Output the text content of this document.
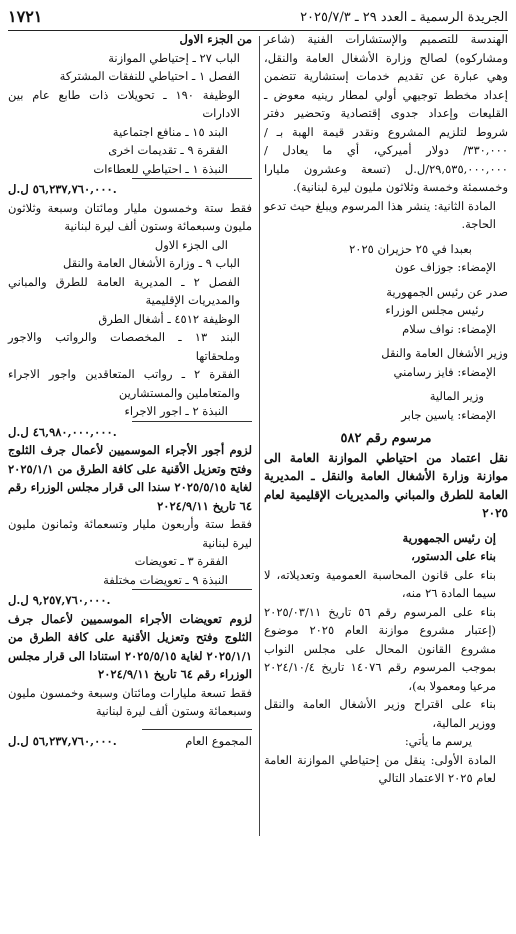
الجريدة الرسمية ـ العدد ٢٩ ـ ٢٠٢٥/٧/٣
١٧٢١

الهندسة للتصميم والإستشارات الفنية (شاعر ومشاركوه) لصالح وزارة الأشغال العامة والنقل، وهي عبارة عن تقديم خدمات إستشارية تتضمن إعداد مخطط توجيهي أولي لمطار رينيه معوض ـ القليعات وإعداد جدوى إقتصادية وتحضير دفتر شروط لتلزيم المشروع ونقدر قيمة الهبة بـ /٣٣٠,٠٠٠/ دولار أميركي، أي ما يعادل /٢٩,٥٣٥,٠٠٠,٠٠٠/ل.ل (تسعة وعشرون مليارا وخمسمئة وخمسة وثلاثون مليون ليرة لبنانية).

المادة الثانية: ينشر هذا المرسوم ويبلغ حيث تدعو الحاجة.

بعبدا في ٢٥ حزيران ٢٠٢٥

الإمضاء: جوزاف عون

صدر عن رئيس الجمهورية

رئيس مجلس الوزراء

الإمضاء: نواف سلام

وزير الأشغال العامة والنقل

الإمضاء: فايز رسامني

وزير المالية

الإمضاء: ياسين جابر

مرسوم رقم ٥٨٢

نقل اعتماد من احتياطي الموازنة العامة الى موازنة وزارة الأشغال العامة والنقل ـ المديرية العامة للطرق والمباني والمديريات الإقليمية لعام ٢٠٢٥

إن رئيس الجمهورية

بناء على الدستور،

بناء على قانون المحاسبة العمومية وتعديلاته، لا سيما المادة ٢٦ منه،

بناء على المرسوم رقم ٥٦ تاريخ ٢٠٢٥/٠٣/١١ (إعتبار مشروع موازنة العام ٢٠٢٥ موضوع مشروع القانون المحال على مجلس النواب بموجب المرسوم رقم ١٤٠٧٦ تاريخ ٢٠٢٤/١٠/٤ مرعيا ومعمولا به)،

بناء على اقتراح وزير الأشغال العامة والنقل ووزير المالية،

يرسم ما يأتي:

المادة الأولى: ينقل من إحتياطي الموازنة العامة لعام ٢٠٢٥ الاعتماد التالي

من الجزء الاول

الباب ٢٧ ـ إحتياطي الموازنة

الفصل ١ ـ احتياطي للنفقات المشتركة

الوظيفة ١٩٠ ـ تحويلات ذات طابع عام بين الادارات

البند ١٥ ـ منافع اجتماعية

الفقرة ٩ ـ تقديمات اخرى

النبذة ١ ـ احتياطي للعطاءات

٥٦,٢٣٧,٧٦٠,٠٠٠ ل.ل.

فقط ستة وخمسون مليار ومائتان وسبعة وثلاثون مليون وسبعمائة وستون ألف ليرة لبنانية

الى الجزء الاول

الباب ٩ ـ وزارة الأشغال العامة والنقل

الفصل ٢ ـ المديرية العامة للطرق والمباني والمديريات الإقليمية

الوظيفة ٤٥١٢ ـ أشغال الطرق

البند ١٣ ـ المخصصات والرواتب والاجور وملحقاتها

الفقرة ٢ ـ رواتب المتعاقدين واجور الاجراء والمتعاملين والمستشارين

النبذة ٢ ـ اجور الاجراء

٤٦,٩٨٠,٠٠٠,٠٠٠ ل.ل.

لزوم أجور الأجراء الموسميين لأعمال جرف الثلوج وفتح وتعزيل الأقنية على كافة الطرق من ٢٠٢٥/١/١ لغاية ٢٠٢٥/٥/١٥ سندا الى قرار مجلس الوزراء رقم ٦٤ تاريخ ٢٠٢٤/٩/١١

فقط ستة وأربعون مليار وتسعمائة وثمانون مليون ليرة لبنانية

الفقرة ٣ ـ تعويضات

النبذة ٩ ـ تعويضات مختلفة

٩,٢٥٧,٧٦٠,٠٠٠ ل.ل.

لزوم تعويضات الأجراء الموسميين لأعمال جرف الثلوج وفتح وتعزيل الأقنية على كافة الطرق من ٢٠٢٥/١/١ لغاية ٢٠٢٥/٥/١٥ استنادا الى قرار مجلس الوزراء رقم ٦٤ تاريخ ٢٠٢٤/٩/١١

فقط تسعة مليارات ومائتان وسبعة وخمسون مليون وسبعمائة وستون ألف ليرة لبنانية

المجموع العام
٥٦,٢٣٧,٧٦٠,٠٠٠ ل.ل.
